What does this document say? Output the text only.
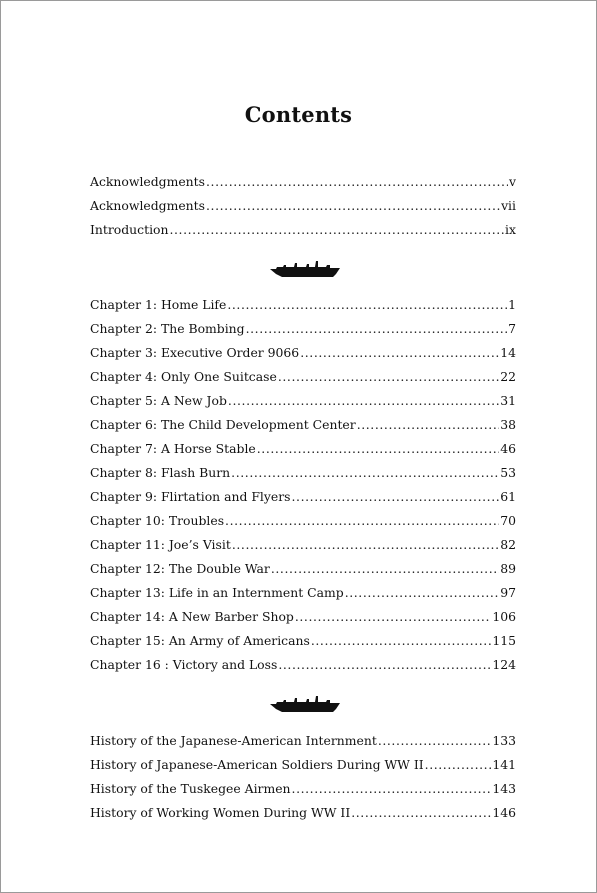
Contents
Acknowledgments .....	v
Acknowledgments .....	vii
Introduction .....	ix
Chapter 1: Home Life .....	1
Chapter 2: The Bombing .....	7
Chapter 3: Executive Order 9066 .....	14
Chapter 4: Only One Suitcase .....	22
Chapter 5: A New Job .....	31
Chapter 6: The Child Development Center .....	38
Chapter 7: A Horse Stable .....	46
Chapter 8: Flash Burn .....	53
Chapter 9: Flirtation and Flyers .....	61
Chapter 10: Troubles .....	70
Chapter 11: Joe’s Visit .....	82
Chapter 12: The Double War .....	89
Chapter 13: Life in an Internment Camp .....	97
Chapter 14: A New Barber Shop .....	106
Chapter 15: An Army of Americans .....	115
Chapter 16 : Victory and Loss .....	124
History of the Japanese-American Internment .....	133
History of Japanese-American Soldiers During WW II .....	141
History of the Tuskegee Airmen .....	143
History of Working Women During WW II .....	146
